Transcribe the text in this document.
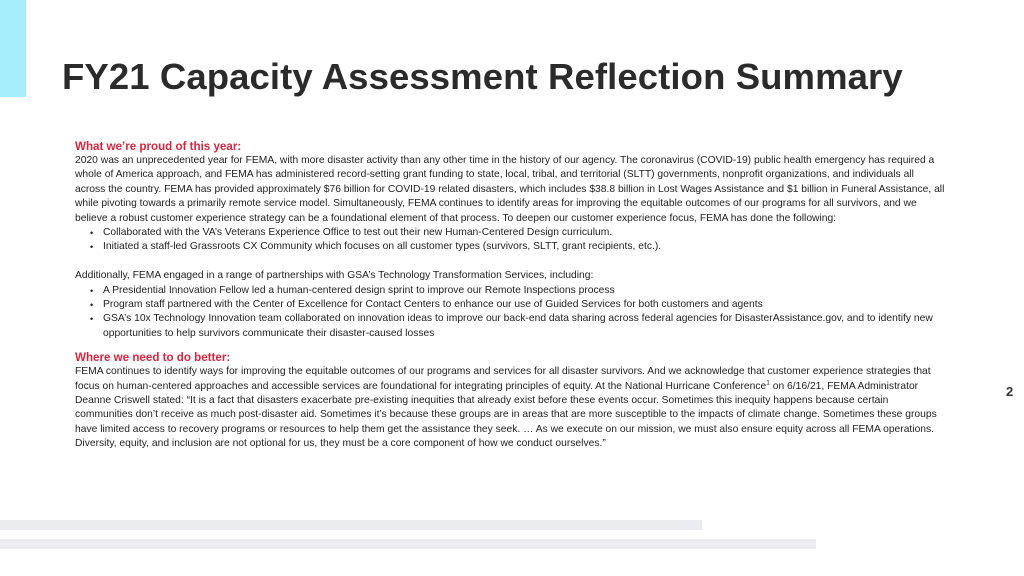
FY21 Capacity Assessment Reflection Summary

What we’re proud of this year:

2020 was an unprecedented year for FEMA, with more disaster activity than any other time in the history of our agency. The coronavirus (COVID-19) public health emergency has required a whole of America approach, and FEMA has administered record-setting grant funding to state, local, tribal, and territorial (SLTT) governments, nonprofit organizations, and individuals all across the country. FEMA has provided approximately $76 billion for COVID-19 related disasters, which includes $38.8 billion in Lost Wages Assistance and $1 billion in Funeral Assistance, all while pivoting towards a primarily remote service model. Simultaneously, FEMA continues to identify areas for improving the equitable outcomes of our programs for all survivors, and we believe a robust customer experience strategy can be a foundational element of that process. To deepen our customer experience focus, FEMA has done the following:

• Collaborated with the VA’s Veterans Experience Office to test out their new Human-Centered Design curriculum.
• Initiated a staff-led Grassroots CX Community which focuses on all customer types (survivors, SLTT, grant recipients, etc.).

Additionally, FEMA engaged in a range of partnerships with GSA’s Technology Transformation Services, including:

• A Presidential Innovation Fellow led a human-centered design sprint to improve our Remote Inspections process
• Program staff partnered with the Center of Excellence for Contact Centers to enhance our use of Guided Services for both customers and agents
• GSA’s 10x Technology Innovation team collaborated on innovation ideas to improve our back-end data sharing across federal agencies for DisasterAssistance.gov, and to identify new opportunities to help survivors communicate their disaster-caused losses

Where we need to do better:

FEMA continues to identify ways for improving the equitable outcomes of our programs and services for all disaster survivors. And we acknowledge that customer experience strategies that focus on human-centered approaches and accessible services are foundational for integrating principles of equity. At the National Hurricane Conference$^1$ on 6/16/21, FEMA Administrator Deanne Criswell stated: “It is a fact that disasters exacerbate pre-existing inequities that already exist before these events occur. Sometimes this inequity happens because certain communities don’t receive as much post-disaster aid. Sometimes it’s because these groups are in areas that are more susceptible to the impacts of climate change. Sometimes these groups have limited access to recovery programs or resources to help them get the assistance they seek. … As we execute on our mission, we must also ensure equity across all FEMA operations. Diversity, equity, and inclusion are not optional for us, they must be a core component of how we conduct ourselves.”

2
